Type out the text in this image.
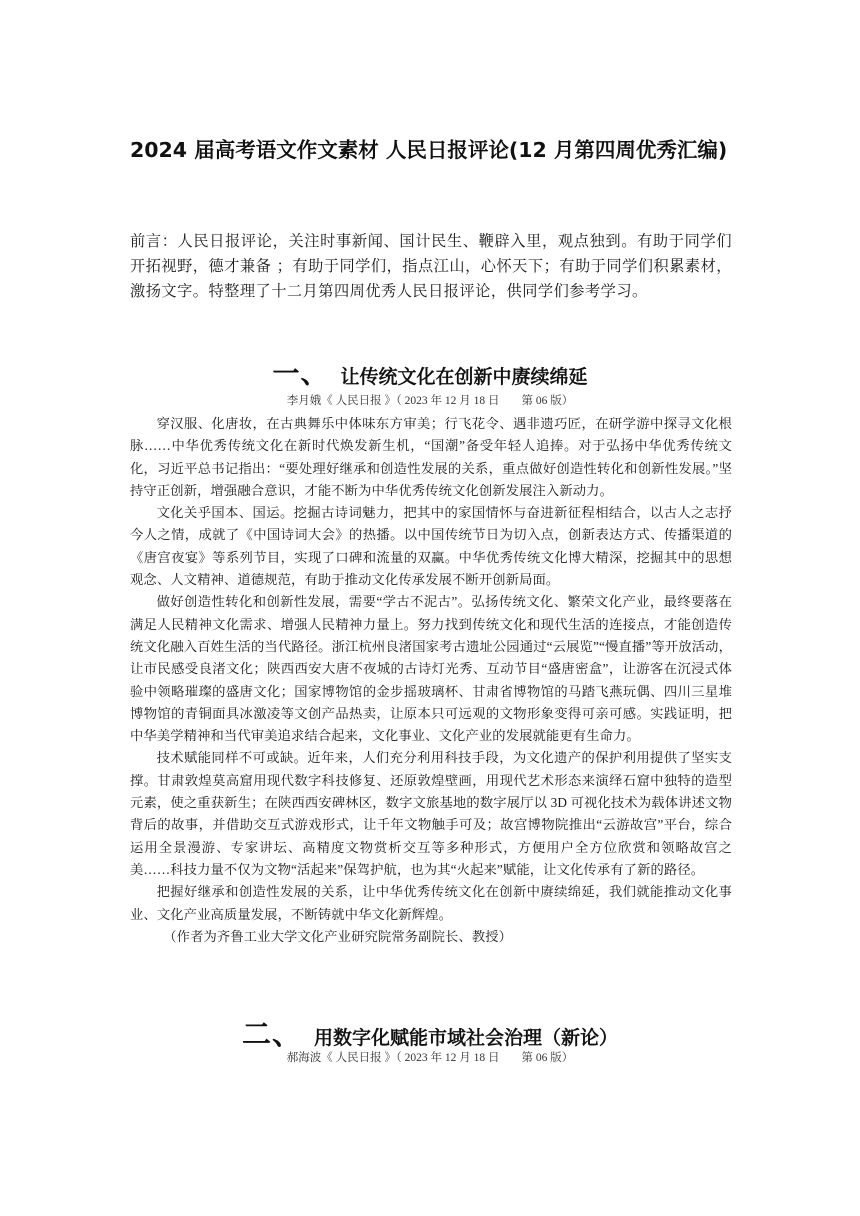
2024 届高考语文作文素材 人民日报评论(12 月第四周优秀汇编)

前言：人民日报评论，关注时事新闻、国计民生、鞭辟入里，观点独到。有助于同学们开拓视野，德才兼备 ；有助于同学们，指点江山，心怀天下；有助于同学们积累素材，激扬文字。特整理了十二月第四周优秀人民日报评论，供同学们参考学习。

一、 让传统文化在创新中赓续绵延
李月娥《 人民日报 》（ 2023 年 12 月 18 日 第 06 版）

穿汉服、化唐妆，在古典舞乐中体味东方审美；行飞花令、遇非遗巧匠，在研学游中探寻文化根脉……中华优秀传统文化在新时代焕发新生机，“国潮”备受年轻人追捧。对于弘扬中华优秀传统文化，习近平总书记指出：“要处理好继承和创造性发展的关系，重点做好创造性转化和创新性发展。”坚持守正创新，增强融合意识，才能不断为中华优秀传统文化创新发展注入新动力。

文化关乎国本、国运。挖掘古诗词魅力，把其中的家国情怀与奋进新征程相结合，以古人之志抒今人之情，成就了《中国诗词大会》的热播。以中国传统节日为切入点，创新表达方式、传播渠道的《唐宫夜宴》等系列节目，实现了口碑和流量的双赢。中华优秀传统文化博大精深，挖掘其中的思想观念、人文精神、道德规范，有助于推动文化传承发展不断开创新局面。

做好创造性转化和创新性发展，需要“学古不泥古”。弘扬传统文化、繁荣文化产业，最终要落在满足人民精神文化需求、增强人民精神力量上。努力找到传统文化和现代生活的连接点，才能创造传统文化融入百姓生活的当代路径。浙江杭州良渚国家考古遗址公园通过“云展览”“慢直播”等开放活动，让市民感受良渚文化；陕西西安大唐不夜城的古诗灯光秀、互动节目“盛唐密盒”，让游客在沉浸式体验中领略璀璨的盛唐文化；国家博物馆的金步摇玻璃杯、甘肃省博物馆的马踏飞燕玩偶、四川三星堆博物馆的青铜面具冰激凌等文创产品热卖，让原本只可远观的文物形象变得可亲可感。实践证明，把中华美学精神和当代审美追求结合起来，文化事业、文化产业的发展就能更有生命力。

技术赋能同样不可或缺。近年来，人们充分利用科技手段，为文化遗产的保护利用提供了坚实支撑。甘肃敦煌莫高窟用现代数字科技修复、还原敦煌壁画，用现代艺术形态来演绎石窟中独特的造型元素，使之重获新生；在陕西西安碑林区，数字文旅基地的数字展厅以 3D 可视化技术为载体讲述文物背后的故事，并借助交互式游戏形式，让千年文物触手可及；故宫博物院推出“云游故宫”平台，综合运用全景漫游、专家讲坛、高精度文物赏析交互等多种形式，方便用户全方位欣赏和领略故宫之美……科技力量不仅为文物“活起来”保驾护航，也为其“火起来”赋能，让文化传承有了新的路径。

把握好继承和创造性发展的关系，让中华优秀传统文化在创新中赓续绵延，我们就能推动文化事业、文化产业高质量发展，不断铸就中华文化新辉煌。

（作者为齐鲁工业大学文化产业研究院常务副院长、教授）

二、 用数字化赋能市域社会治理（新论）
郝海波《 人民日报 》（ 2023 年 12 月 18 日 第 06 版）
